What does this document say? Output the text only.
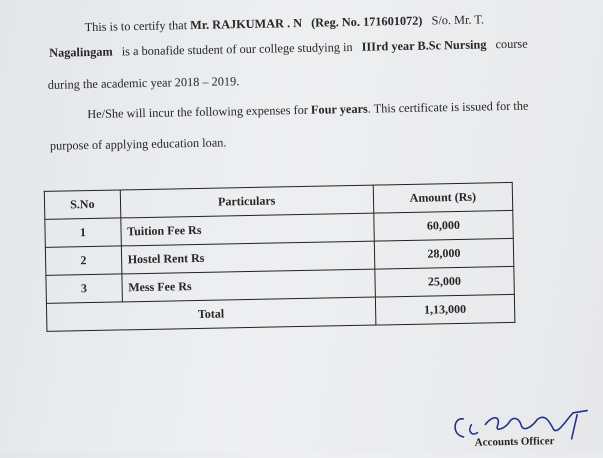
This is to certify that Mr. RAJKUMAR . N (Reg. No. 171601072) S/o. Mr. T.
Nagalingam is a bonafide student of our college studying in IIIrd year B.Sc Nursing course
during the academic year 2018 – 2019.
He/She will incur the following expenses for Four years. This certificate is issued for the
purpose of applying education loan.
S.No	Particulars	Amount (Rs)
1	Tuition Fee Rs	60,000
2	Hostel Rent Rs	28,000
3	Mess Fee Rs	25,000
Total		1,13,000
Accounts Officer
